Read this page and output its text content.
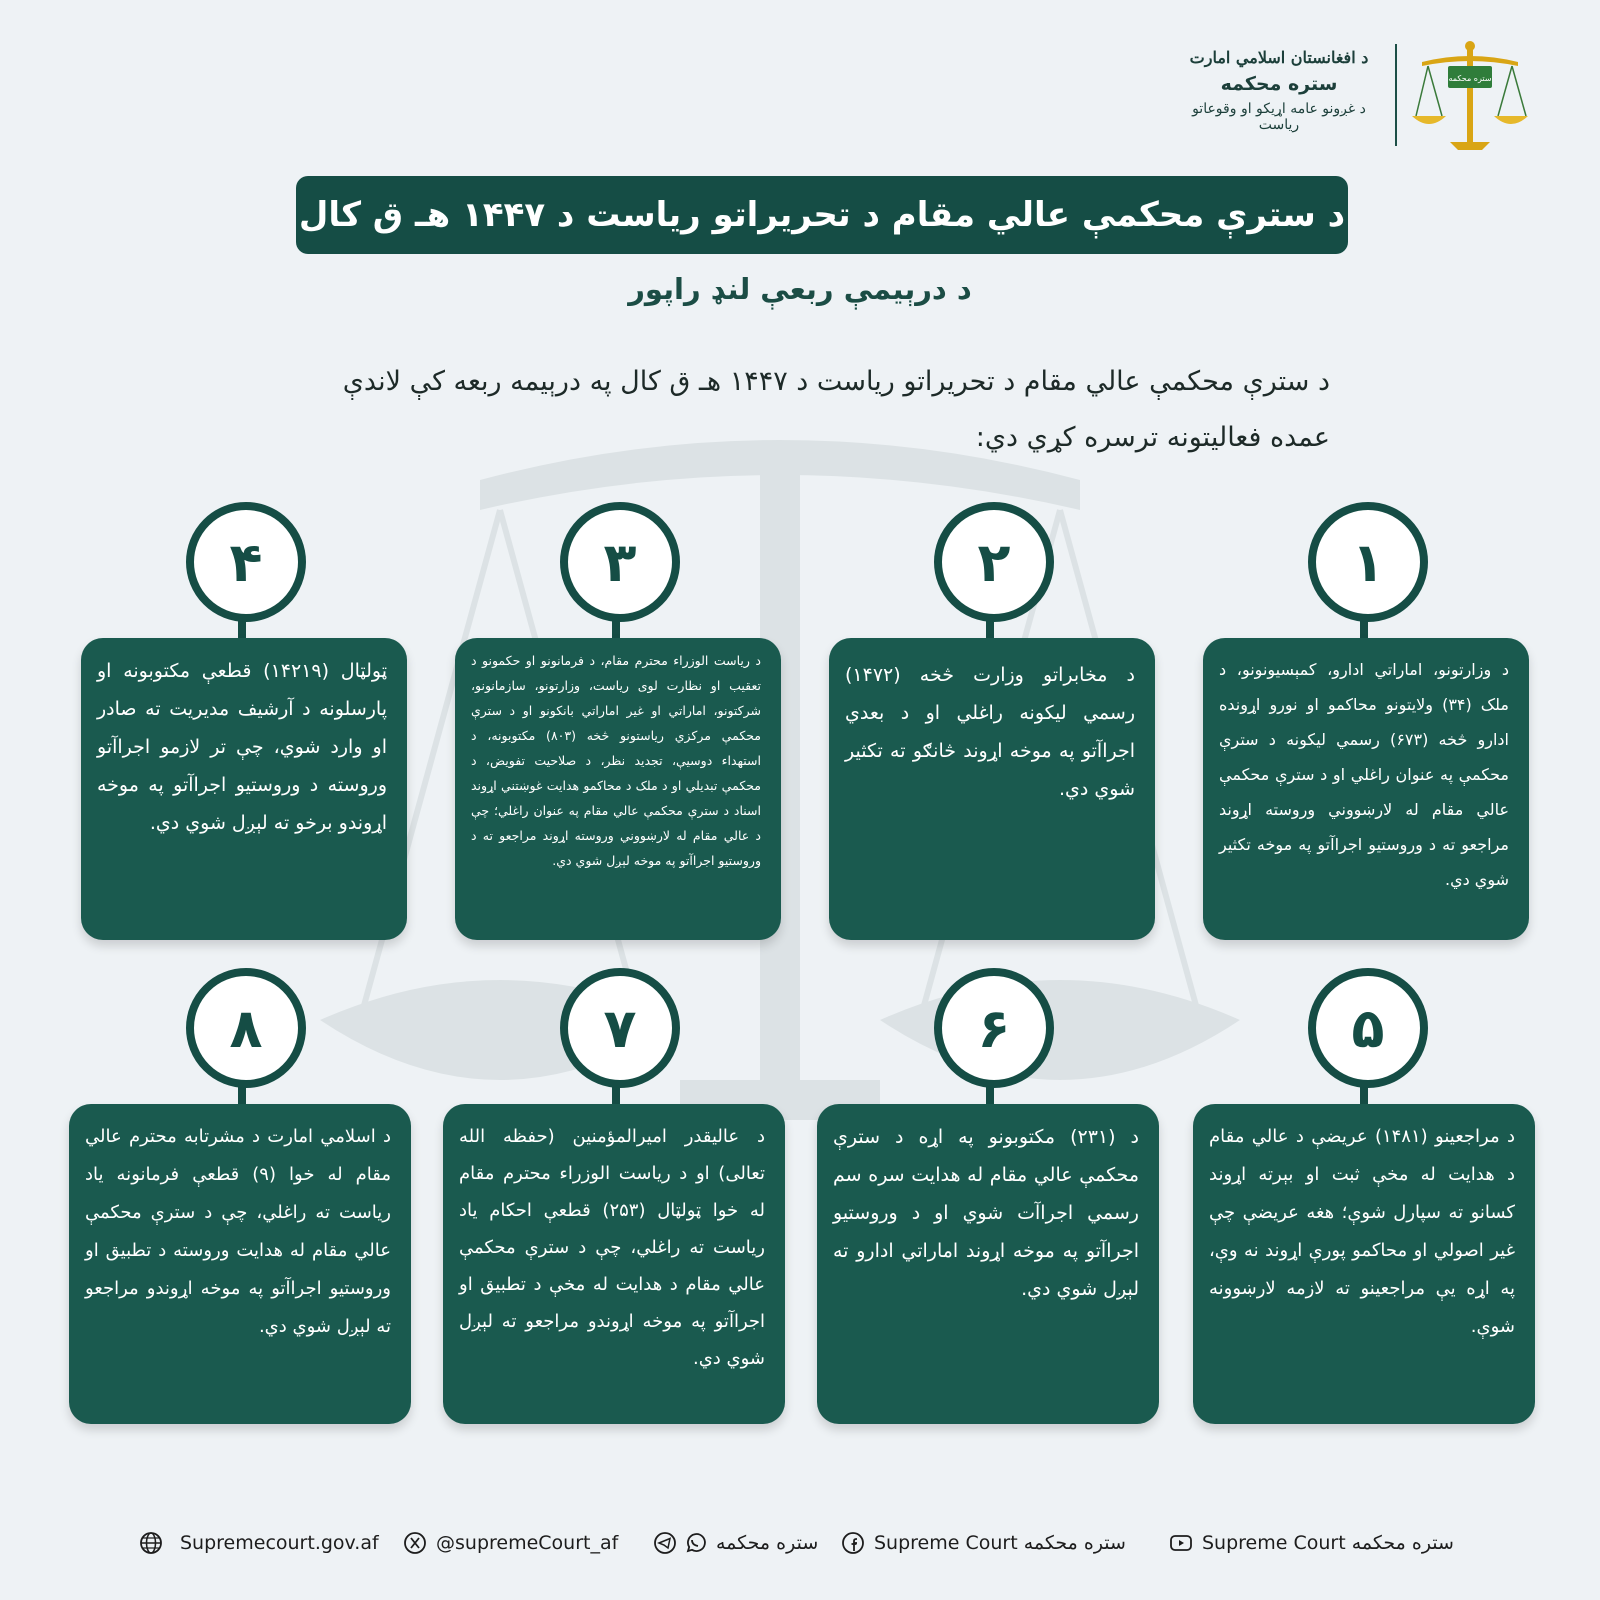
ستره محکمه
د افغانستان اسلامي امارت
ستره محکمه
د غږونو عامه اړیکو او وقوعاتو ریاست
د سترې محکمې عالي مقام د تحریراتو ریاست د ۱۴۴۷ هـ ق کال
د درېیمې ربعې لنډ راپور
د سترې محکمې عالي مقام د تحریراتو ریاست د ۱۴۴۷ هـ ق کال په درېیمه ربعه کې لاندې عمده فعالیتونه ترسره کړي دي:
۱
د وزارتونو، اماراتي ادارو، کمېسیونونو، د ملک (۳۴) ولایتونو محاکمو او نورو اړونده ادارو څخه (۶۷۳) رسمي لیکونه د سترې محکمې په عنوان راغلي او د سترې محکمې عالي مقام له لارښووني وروسته اړوند مراجعو ته د وروستیو اجراآتو په موخه تکثیر شوي دي.
۲
د مخابراتو وزارت څخه (۱۴۷۲) رسمي لیکونه راغلي او د بعدي اجراآتو په موخه اړوند څانګو ته تکثیر شوي دي.
۳
د ریاست الوزراء محترم مقام، د فرمانونو او حکمونو د تعقیب او نظارت لوی ریاست، وزارتونو، سازمانونو، شرکتونو، اماراتي او غیر اماراتي بانکونو او د سترې محکمې مرکزي ریاستونو څخه (۸۰۳) مکتوبونه، د استهداء دوسیې، تجدید نظر، د صلاحیت تفویض، د محکمې تبدیلي او د ملک د محاکمو هدایت غوښتني اړوند اسناد د سترې محکمې عالي مقام په عنوان راغلي؛ چې د عالي مقام له لارښووني وروسته اړوند مراجعو ته د وروستیو اجراآتو په موخه لېږل شوي دي.
۴
ټولټال (۱۴۲۱۹) قطعې مکتوبونه او پارسلونه د آرشیف مدیریت ته صادر او وارد شوي، چې تر لازمو اجراآتو وروسته د وروستیو اجراآتو په موخه اړوندو برخو ته لېږل شوي دي.
۵
د مراجعینو (۱۴۸۱) عریضې د عالي مقام د هدایت له مخې ثبت او بېرته اړوند کسانو ته سپارل شوې؛ هغه عریضې چې غیر اصولي او محاکمو پورې اړوند نه وې، په اړه یې مراجعینو ته لازمه لارښوونه شوې.
۶
د (۲۳۱) مکتوبونو په اړه د سترې محکمې عالي مقام له هدایت سره سم رسمي اجراآت شوي او د وروستیو اجراآتو په موخه اړوند اماراتي ادارو ته لېږل شوي دي.
۷
د عالیقدر امیرالمؤمنین (حفظه الله تعالی) او د ریاست الوزراء محترم مقام له خوا ټولټال (۲۵۳) قطعې احکام یاد ریاست ته راغلي، چې د سترې محکمې عالي مقام د هدایت له مخې د تطبیق او اجراآتو په موخه اړوندو مراجعو ته لېږل شوي دي.
۸
د اسلامي امارت د مشرتابه محترم عالي مقام له خوا (۹) قطعې فرمانونه یاد ریاست ته راغلي، چې د سترې محکمې عالي مقام له هدایت وروسته د تطبیق او وروستیو اجراآتو په موخه اړوندو مراجعو ته لېږل شوي دي.
Supreme Court ستره محکمه
Supreme Court ستره محکمه
ستره محکمه
@supremeCourt_af
Supremecourt.gov.af
